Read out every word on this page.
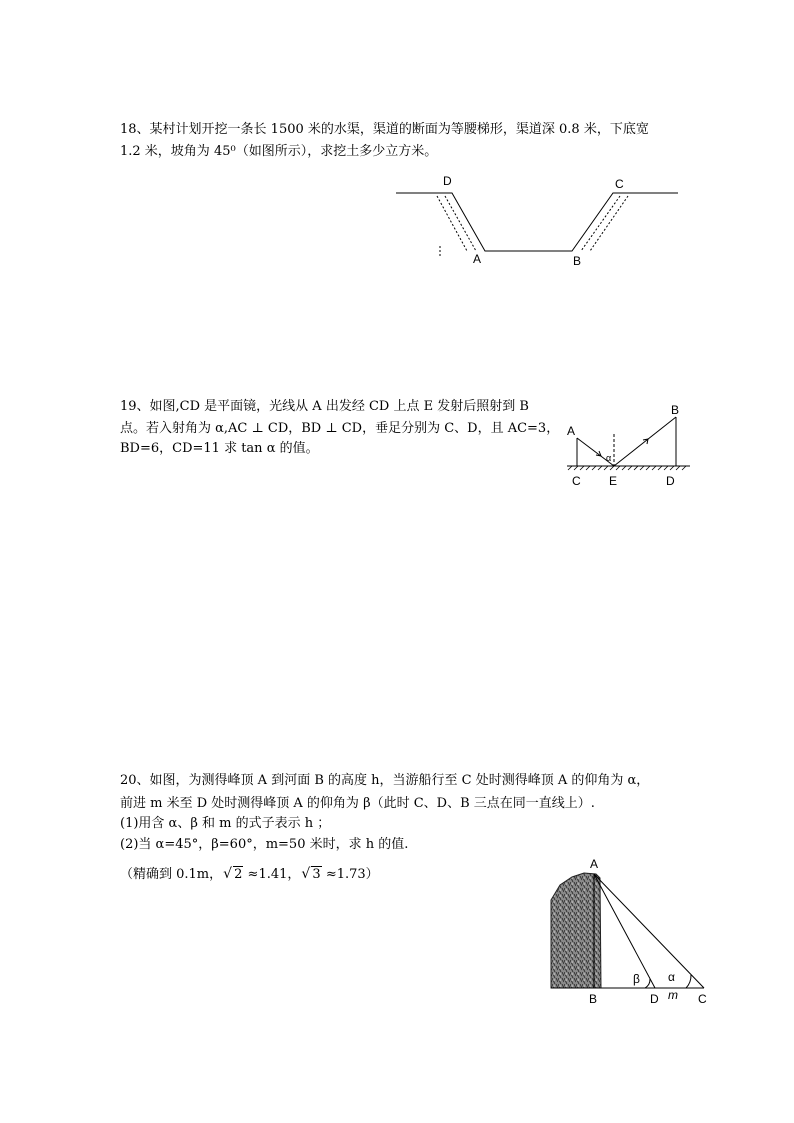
18、某村计划开挖一条长 1500 米的水渠，渠道的断面为等腰梯形，渠道深 0.8 米，下底宽
1.2 米，坡角为 45⁰（如图所示），求挖土多少立方米。
D	C
A	B
19、如图,CD 是平面镜，光线从 A 出发经 CD 上点 E 发射后照射到 B
点。若入射角为 α,AC ⊥ CD，BD ⊥ CD，垂足分别为 C、D，且 AC=3，
BD=6，CD=11 求 tan α 的值。
A
B
C E	D
α
20、如图，为测得峰顶 A 到河面 B 的高度 h，当游船行至 C 处时测得峰顶 A 的仰角为 α，
前进 m 米至 D 处时测得峰顶 A 的仰角为 β（此时 C、D、B 三点在同一直线上）.
(1)用含 α、β 和 m 的式子表示 h ；
(2)当 α=45°，β=60°，m=50 米时，求 h 的值.
（精确到 0.1m， √ 2 ≈1.41， √ 3 ≈1.73）
A
B	D	C
m
β α
